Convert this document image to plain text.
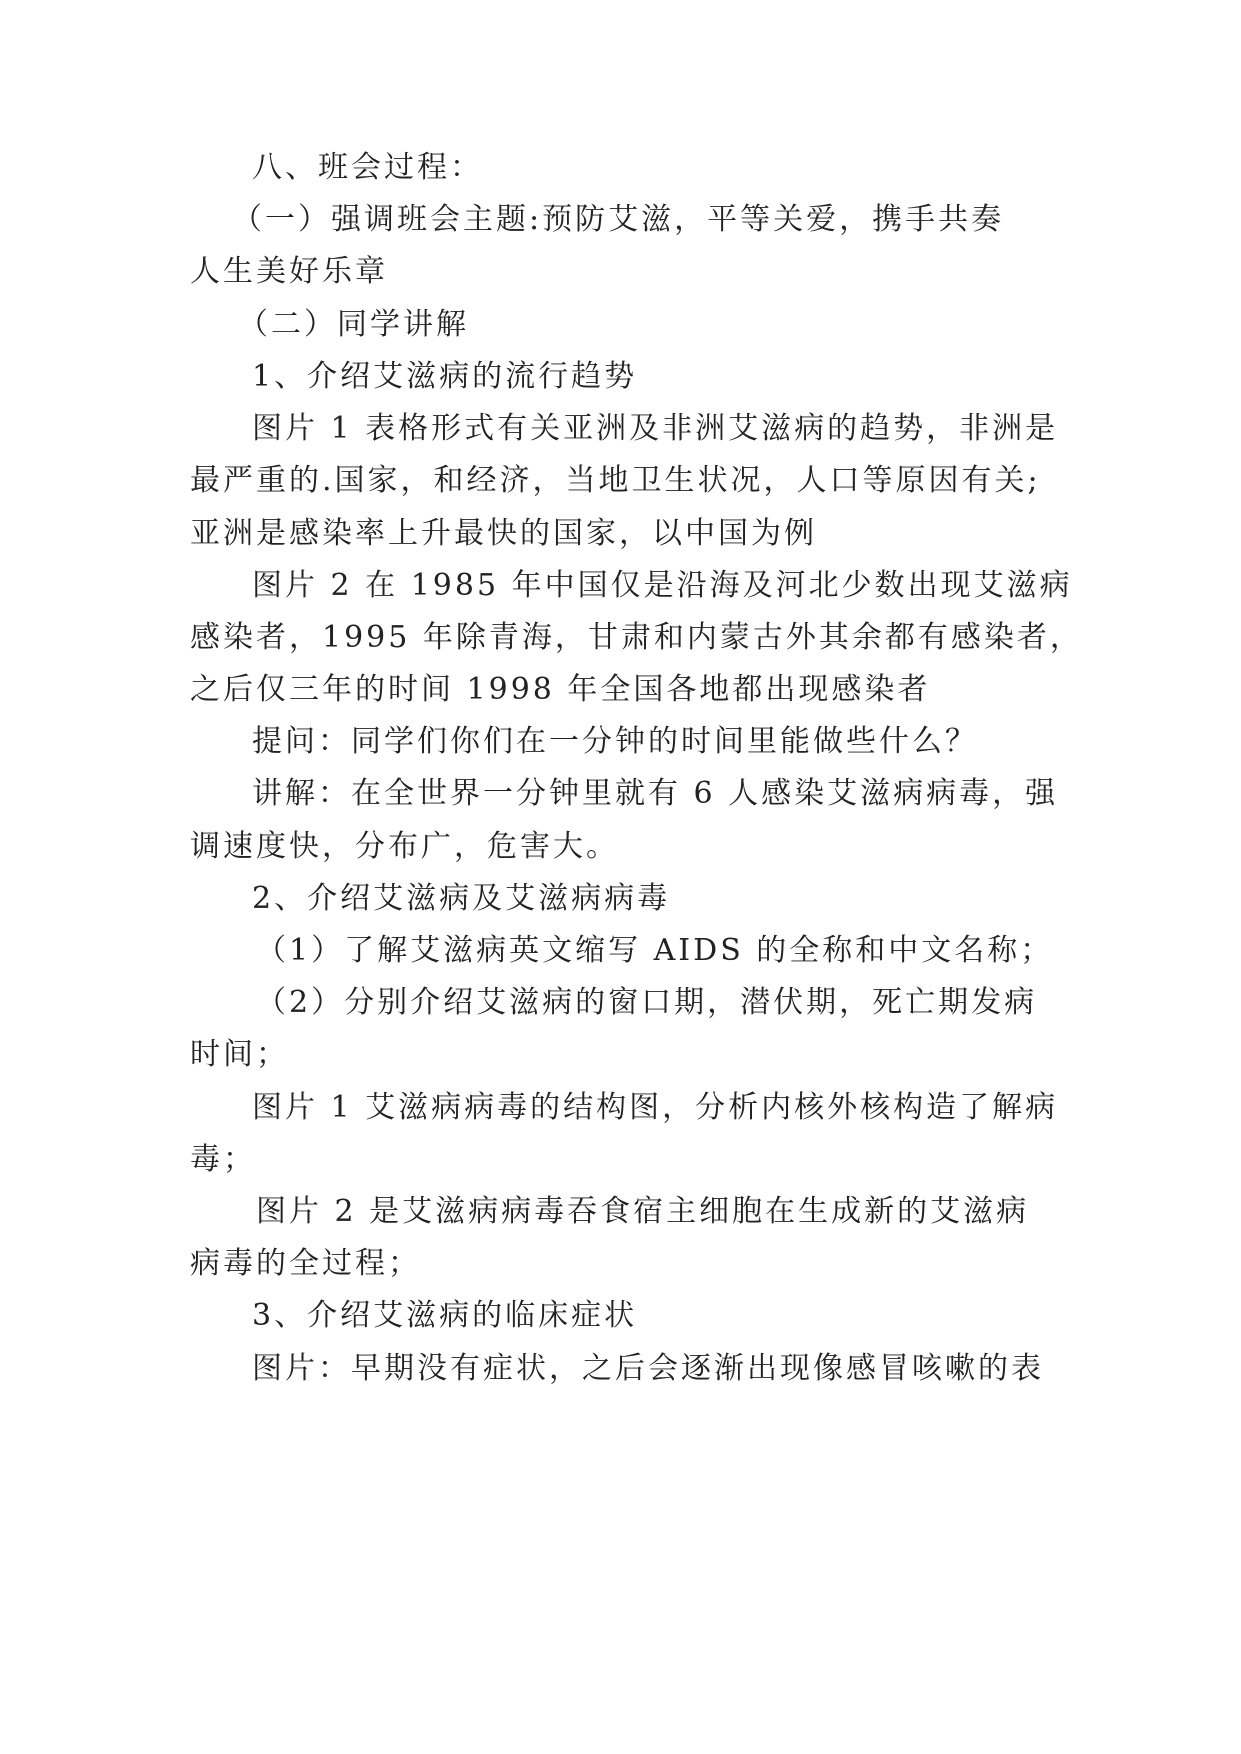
八、班会过程：
（一）强调班会主题:预防艾滋，平等关爱，携手共奏
人生美好乐章
（二）同学讲解
1、介绍艾滋病的流行趋势
图片 1 表格形式有关亚洲及非洲艾滋病的趋势，非洲是
最严重的.国家，和经济，当地卫生状况，人口等原因有关;
亚洲是感染率上升最快的国家，以中国为例
图片 2 在 1985 年中国仅是沿海及河北少数出现艾滋病
感染者，1995 年除青海，甘肃和内蒙古外其余都有感染者，
之后仅三年的时间 1998 年全国各地都出现感染者
提问：同学们你们在一分钟的时间里能做些什么？
讲解：在全世界一分钟里就有 6 人感染艾滋病病毒，强
调速度快，分布广，危害大。
2、介绍艾滋病及艾滋病病毒
（1）了解艾滋病英文缩写 AIDS 的全称和中文名称；
（2）分别介绍艾滋病的窗口期，潜伏期，死亡期发病
时间；
图片 1 艾滋病病毒的结构图，分析内核外核构造了解病
毒；
图片 2 是艾滋病病毒吞食宿主细胞在生成新的艾滋病
病毒的全过程；
3、介绍艾滋病的临床症状
图片：早期没有症状，之后会逐渐出现像感冒咳嗽的表
